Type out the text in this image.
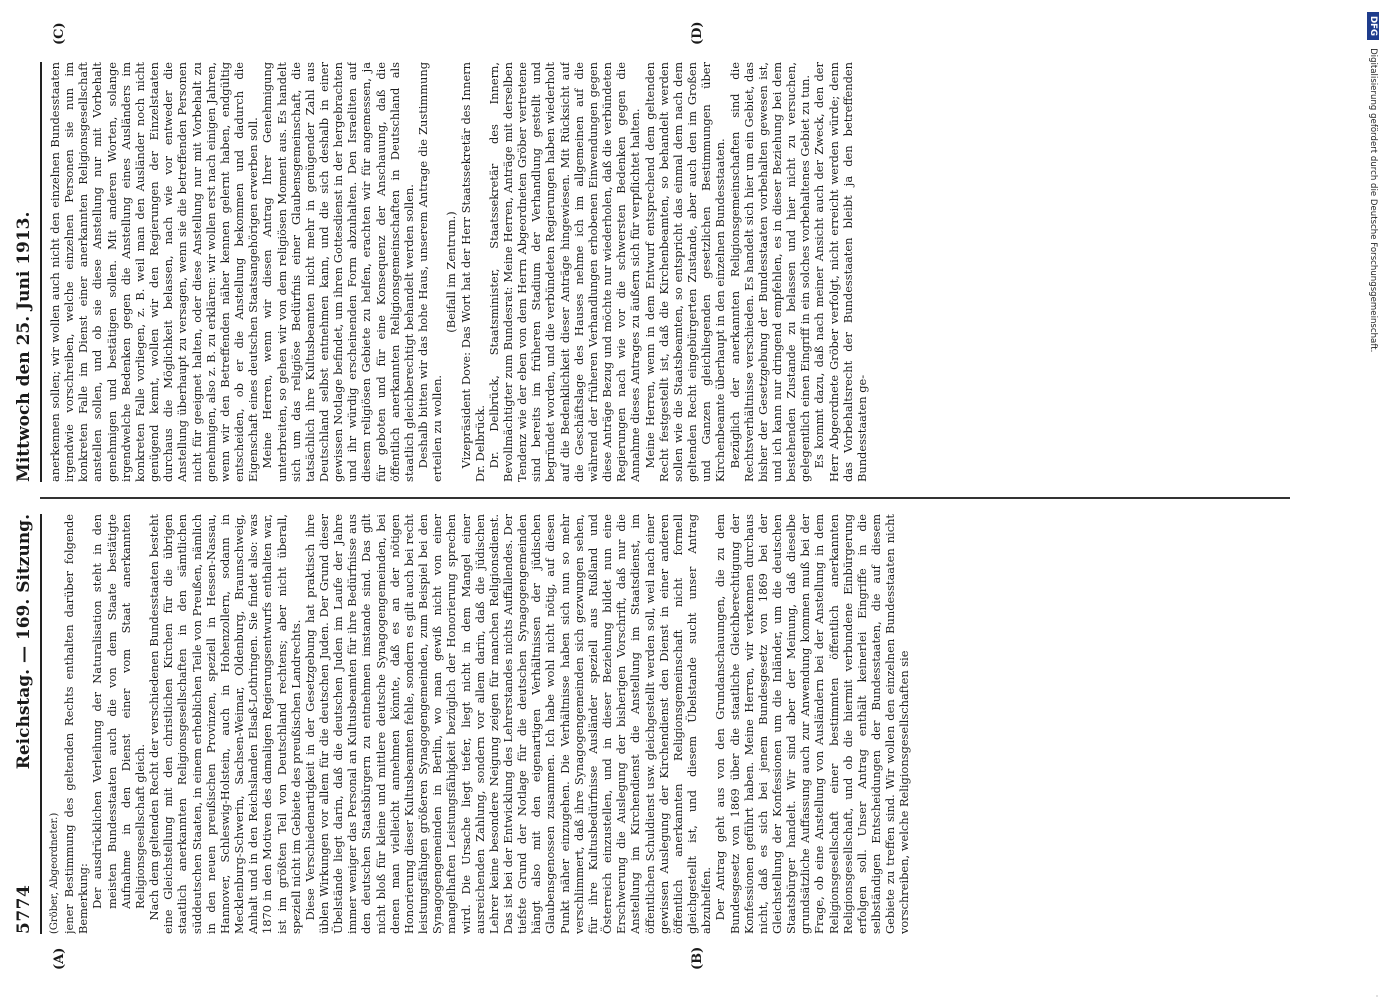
5774
Reichstag. — 169. Sitzung.
Mittwoch den 25. Juni 1913.
(A)	(B)
(C)	(D)

(Gröber, Abgeordneter.) jener Bestimmung des geltenden Rechts enthalten darüber folgende Bemerkung: Der ausdrücklichen Verleihung der Naturalisation steht in den meisten Bundesstaaten auch die von dem Staate bestätigte Aufnahme in den Dienst einer vom Staat anerkannten Religionsgesellschaft gleich. Nach dem geltenden Recht der verschiedenen Bundesstaaten besteht eine Gleichstellung mit den christlichen Kirchen für die übrigen staatlich anerkannten Religionsgesellschaften in den sämtlichen süddeutschen Staaten, in einem erheblichen Teile von Preußen, nämlich in den neuen preußischen Provinzen, speziell in Hessen-Nassau, Hannover, Schleswig-Holstein, auch in Hohenzollern, sodann in Mecklenburg-Schwerin, Sachsen-Weimar, Oldenburg, Braunschweig, Anhalt und in den Reichslanden Elsaß-Lothringen. Sie findet also: was 1870 in den Motiven des damaligen Regierungsentwurfs enthalten war, ist im größten Teil von Deutschland rechtens; aber nicht überall, speziell nicht im Gebiete des preußischen Landrechts. Diese Verschiedenartigkeit in der Gesetzgebung hat praktisch ihre üblen Wirkungen vor allem für die deutschen Juden. Der Grund dieser Übelstände liegt darin, daß die deutschen Juden im Laufe der Jahre immer weniger das Personal an Kultusbeamten für ihre Bedürfnisse aus den deutschen Staatsbürgern zu entnehmen imstande sind. Das gilt nicht bloß für kleine und mittlere deutsche Synagogengemeinden, bei denen man vielleicht annehmen könnte, daß es an der nötigen Honorierung dieser Kultusbeamten fehle, sondern es gilt auch bei recht leistungsfähigen größeren Synagogengemeinden, zum Beispiel bei den Synagogengemeinden in Berlin, wo man gewiß nicht von einer mangelhaften Leistungsfähigkeit bezüglich der Honorierung sprechen wird. Die Ursache liegt tiefer, liegt nicht in dem Mangel einer ausreichenden Zahlung, sondern vor allem darin, daß die jüdischen Lehrer keine besondere Neigung zeigen für manchen Religionsdienst. Das ist bei der Entwicklung des Lehrerstandes nichts Auffallendes. Der tiefste Grund der Notlage für die deutschen Synagogengemeinden hängt also mit den eigenartigen Verhältnissen der jüdischen Glaubensgenossen zusammen. Ich habe wohl nicht nötig, auf diesen Punkt näher einzugehen. Die Verhältnisse haben sich nun so mehr verschlimmert, daß ihre Synagogengemeinden sich gezwungen sehen, für ihre Kultusbedürfnisse Ausländer speziell aus Rußland und Österreich einzustellen, und in dieser Beziehung bildet nun eine Erschwerung die Auslegung der bisherigen Vorschrift, daß nur die Anstellung im Kirchendienst die Anstellung im Staatsdienst, im öffentlichen Schuldienst usw. gleichgestellt werden soll, weil nach einer gewissen Auslegung der Kirchendienst den Dienst in einer anderen öffentlich anerkannten Religionsgemeinschaft nicht formell gleichgestellt ist, und diesem Übelstande sucht unser Antrag abzuhelfen. Der Antrag geht aus von den Grundanschauungen, die zu dem Bundesgesetz von 1869 über die staatliche Gleichberechtigung der Konfessionen geführt haben. Meine Herren, wir verkennen durchaus nicht, daß es sich bei jenem Bundesgesetz von 1869 bei der Gleichstellung der Konfessionen um die Inländer, um die deutschen Staatsbürger handelt. Wir sind aber der Meinung, daß dieselbe grundsätzliche Auffassung auch zur Anwendung kommen muß bei der Frage, ob eine Anstellung von Ausländern bei der Anstellung in dem Religionsgesellschaft einer bestimmten öffentlich anerkannten Religionsgesellschaft, und ob die hiermit verbundene Einbürgerung erfolgen soll. Unser Antrag enthält keinerlei Eingriffe in die selbständigen Entscheidungen der Bundesstaaten, die auf diesem Gebiete zu treffen sind. Wir wollen den einzelnen Bundesstaaten nicht vorschreiben, welche Religionsgesellschaften sie

anerkennen sollen; wir wollen auch nicht den einzelnen Bundesstaaten irgendwie vorschreiben, welche einzelnen Personen sie nun im konkreten Falle im Dienst einer anerkannten Religionsgesellschaft anstellen sollen, und ob sie diese Anstellung nur mit Vorbehalt genehmigen und bestätigen sollen. Mit anderen Worten, solange irgendwelche Bedenken gegen die Anstellung eines Ausländers im konkreten Falle vorliegen, z. B. weil man den Ausländer noch nicht genügend kennt, wollen wir den Regierungen der Einzelstaaten durchaus die Möglichkeit belassen, nach wie vor entweder die Anstellung überhaupt zu versagen, wenn sie die betreffenden Personen nicht für geeignet halten, oder diese Anstellung nur mit Vorbehalt zu genehmigen, also z. B. zu erklären: wir wollen erst nach einigen Jahren, wenn wir den Betreffenden näher kennen gelernt haben, endgültig entscheiden, ob er die Anstellung bekommen und dadurch die Eigenschaft eines deutschen Staatsangehörigen erwerben soll. Meine Herren, wenn wir diesen Antrag Ihrer Genehmigung unterbreiten, so gehen wir von dem religiösen Moment aus. Es handelt sich um das religiöse Bedürfnis einer Glaubensgemeinschaft, die tatsächlich ihre Kultusbeamten nicht mehr in genügender Zahl aus Deutschland selbst entnehmen kann, und die sich deshalb in einer gewissen Notlage befindet, um ihren Gottesdienst in der hergebrachten und ihr würdig erscheinenden Form abzuhalten. Den Israeliten auf diesem religiösen Gebiete zu helfen, erachten wir für angemessen, ja für geboten und für eine Konsequenz der Anschauung, daß die öffentlich anerkannten Religionsgemeinschaften in Deutschland als staatlich gleichberechtigt behandelt werden sollen. Deshalb bitten wir das hohe Haus, unserem Antrage die Zustimmung erteilen zu wollen.

(Beifall im Zentrum.) Vizepräsident Dove: Das Wort hat der Herr Staatssekretär des Innern Dr. Delbrück. Dr. Delbrück, Staatsminister, Staatssekretär des Innern, Bevollmächtigter zum Bundesrat: Meine Herren, Anträge mit derselben Tendenz wie der eben von dem Herrn Abgeordneten Gröber vertretene sind bereits im früheren Stadium der Verhandlung gestellt und begründet worden, und die verbündeten Regierungen haben wiederholt auf die Bedenklichkeit dieser Anträge hingewiesen. Mit Rücksicht auf die Geschäftslage des Hauses nehme ich im allgemeinen auf die während der früheren Verhandlungen erhobenen Einwendungen gegen diese Anträge Bezug und möchte nur wiederholen, daß die verbündeten Regierungen nach wie vor die schwersten Bedenken gegen die Annahme dieses Antrages zu äußern sich für verpflichtet halten. Meine Herren, wenn in dem Entwurf entsprechend dem geltenden Recht festgestellt ist, daß die Kirchenbeamten, so behandelt werden sollen wie die Staatsbeamten, so entspricht das einmal dem nach dem geltenden Recht eingebürgerten Zustande, aber auch den im Großen und Ganzen gleichliegenden gesetzlichen Bestimmungen über Kirchenbeamte überhaupt in den einzelnen Bundesstaaten. Bezüglich der anerkannten Religionsgemeinschaften sind die Rechtsverhältnisse verschieden. Es handelt sich hier um ein Gebiet, das bisher der Gesetzgebung der Bundesstaaten vorbehalten gewesen ist, und ich kann nur dringend empfehlen, es in dieser Beziehung bei dem bestehenden Zustande zu belassen und hier nicht zu versuchen, gelegentlich einen Eingriff in ein solches vorbehaltenes Gebiet zu tun. Es kommt dazu, daß nach meiner Ansicht auch der Zweck, den der Herr Abgeordnete Gröber verfolgt, nicht erreicht werden würde; denn das Vorbehaltsrecht der Bundesstaaten bleibt ja den betreffenden Bundesstaaten ge-

DFG
Digitalisierung gefördert durch die Deutsche Forschungsgemeinschaft.
